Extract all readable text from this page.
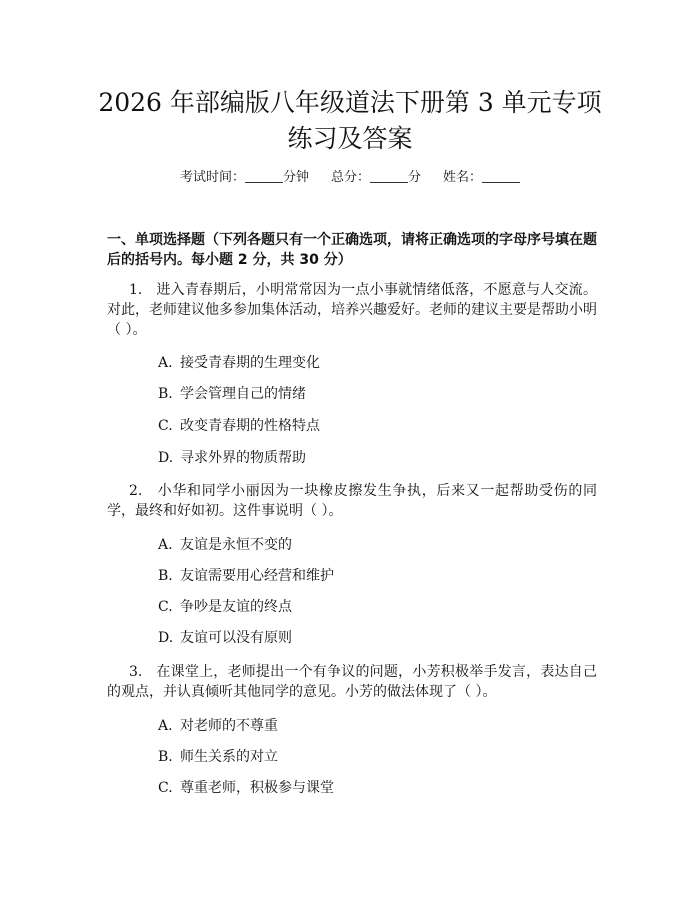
2026 年部编版八年级道法下册第 3 单元专项
练习及答案
考试时间：	分钟 总分：	分 姓名：
一、单项选择题（下列各题只有一个正确选项，请将正确选项的字母序号填在题后的括号内。每小题 2 分，共 30 分）
1. 进入青春期后，小明常常因为一点小事就情绪低落，不愿意与人交流。对此，老师建议他多参加集体活动，培养兴趣爱好。老师的建议主要是帮助小明（ ）。
A. 接受青春期的生理变化
B. 学会管理自己的情绪
C. 改变青春期的性格特点
D. 寻求外界的物质帮助
2. 小华和同学小丽因为一块橡皮擦发生争执，后来又一起帮助受伤的同学，最终和好如初。这件事说明（ ）。
A. 友谊是永恒不变的
B. 友谊需要用心经营和维护
C. 争吵是友谊的终点
D. 友谊可以没有原则
3. 在课堂上，老师提出一个有争议的问题，小芳积极举手发言，表达自己的观点，并认真倾听其他同学的意见。小芳的做法体现了（ ）。
A. 对老师的不尊重
B. 师生关系的对立
C. 尊重老师，积极参与课堂
